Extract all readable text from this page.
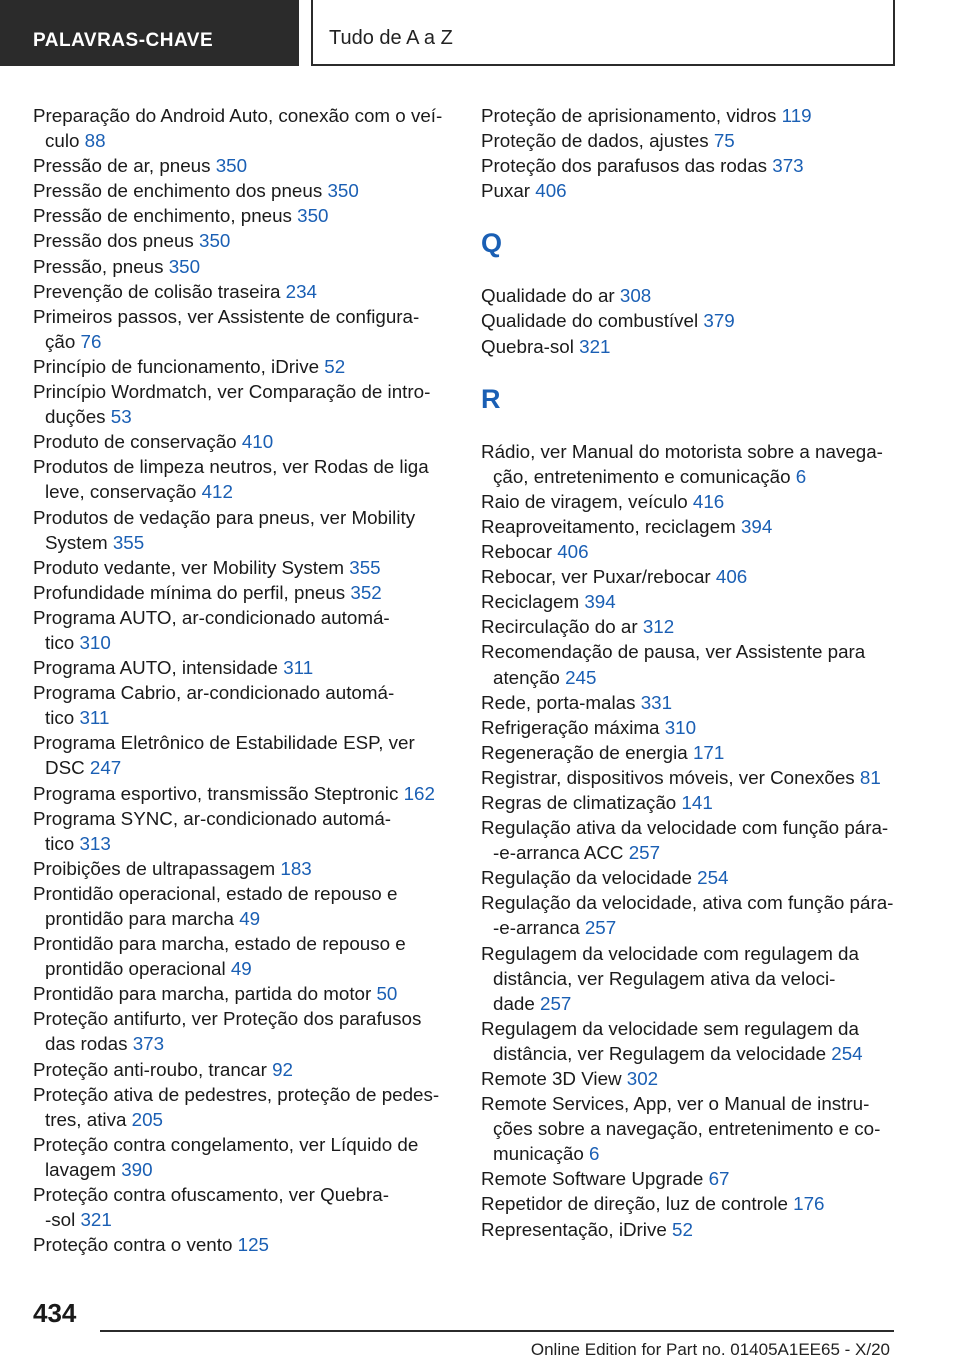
PALAVRAS-CHAVE	Tudo de A a Z
Preparação do Android Auto, conexão com o veí-
culo 88
Pressão de ar, pneus 350
Pressão de enchimento dos pneus 350
Pressão de enchimento, pneus 350
Pressão dos pneus 350
Pressão, pneus 350
Prevenção de colisão traseira 234
Primeiros passos, ver Assistente de configura-
ção 76
Princípio de funcionamento, iDrive 52
Princípio Wordmatch, ver Comparação de intro-
duções 53
Produto de conservação 410
Produtos de limpeza neutros, ver Rodas de liga
leve, conservação 412
Produtos de vedação para pneus, ver Mobility
System 355
Produto vedante, ver Mobility System 355
Profundidade mínima do perfil, pneus 352
Programa AUTO, ar-condicionado automá-
tico 310
Programa AUTO, intensidade 311
Programa Cabrio, ar-condicionado automá-
tico 311
Programa Eletrônico de Estabilidade ESP, ver
DSC 247
Programa esportivo, transmissão Steptronic 162
Programa SYNC, ar-condicionado automá-
tico 313
Proibições de ultrapassagem 183
Prontidão operacional, estado de repouso e
prontidão para marcha 49
Prontidão para marcha, estado de repouso e
prontidão operacional 49
Prontidão para marcha, partida do motor 50
Proteção antifurto, ver Proteção dos parafusos
das rodas 373
Proteção anti-roubo, trancar 92
Proteção ativa de pedestres, proteção de pedes-
tres, ativa 205
Proteção contra congelamento, ver Líquido de
lavagem 390
Proteção contra ofuscamento, ver Quebra-
-sol 321
Proteção contra o vento 125
Proteção de aprisionamento, vidros 119
Proteção de dados, ajustes 75
Proteção dos parafusos das rodas 373
Puxar 406
Q
Qualidade do ar 308
Qualidade do combustível 379
Quebra-sol 321
R
Rádio, ver Manual do motorista sobre a navega-
ção, entretenimento e comunicação 6
Raio de viragem, veículo 416
Reaproveitamento, reciclagem 394
Rebocar 406
Rebocar, ver Puxar/rebocar 406
Reciclagem 394
Recirculação do ar 312
Recomendação de pausa, ver Assistente para
atenção 245
Rede, porta-malas 331
Refrigeração máxima 310
Regeneração de energia 171
Registrar, dispositivos móveis, ver Conexões 81
Regras de climatização 141
Regulação ativa da velocidade com função pára-
-e-arranca ACC 257
Regulação da velocidade 254
Regulação da velocidade, ativa com função pára-
-e-arranca 257
Regulagem da velocidade com regulagem da
distância, ver Regulagem ativa da veloci-
dade 257
Regulagem da velocidade sem regulagem da
distância, ver Regulagem da velocidade 254
Remote 3D View 302
Remote Services, App, ver o Manual de instru-
ções sobre a navegação, entretenimento e co-
municação 6
Remote Software Upgrade 67
Repetidor de direção, luz de controle 176
Representação, iDrive 52
434
Online Edition for Part no. 01405A1EE65 - X/20
